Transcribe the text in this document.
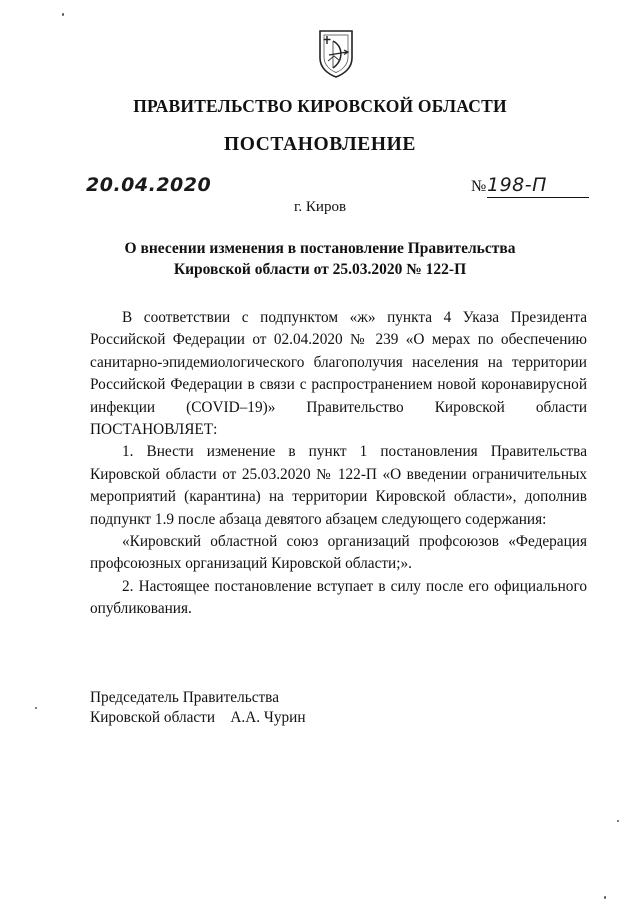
ПРАВИТЕЛЬСТВО КИРОВСКОЙ ОБЛАСТИ
ПОСТАНОВЛЕНИЕ
20.04.2020	№ 198-П
г. Киров
О внесении изменения в постановление Правительства
Кировской области от 25.03.2020 № 122-П

В соответствии с подпунктом «ж» пункта 4 Указа Президента Российской Федерации от 02.04.2020 № 239 «О мерах по обеспечению санитарно-эпидемиологического благополучия населения на территории Российской Федерации в связи с распространением новой коронавирусной инфекции (COVID–19)» Правительство Кировской области ПОСТАНОВЛЯЕТ:

1. Внести изменение в пункт 1 постановления Правительства Кировской области от 25.03.2020 № 122-П «О введении ограничительных мероприятий (карантина) на территории Кировской области», дополнив подпункт 1.9 после абзаца девятого абзацем следующего содержания:

«Кировский областной союз организаций профсоюзов «Федерация профсоюзных организаций Кировской области;».

2. Настоящее постановление вступает в силу после его официального опубликования.

Председатель Правительства
Кировской области    А.А. Чурин
